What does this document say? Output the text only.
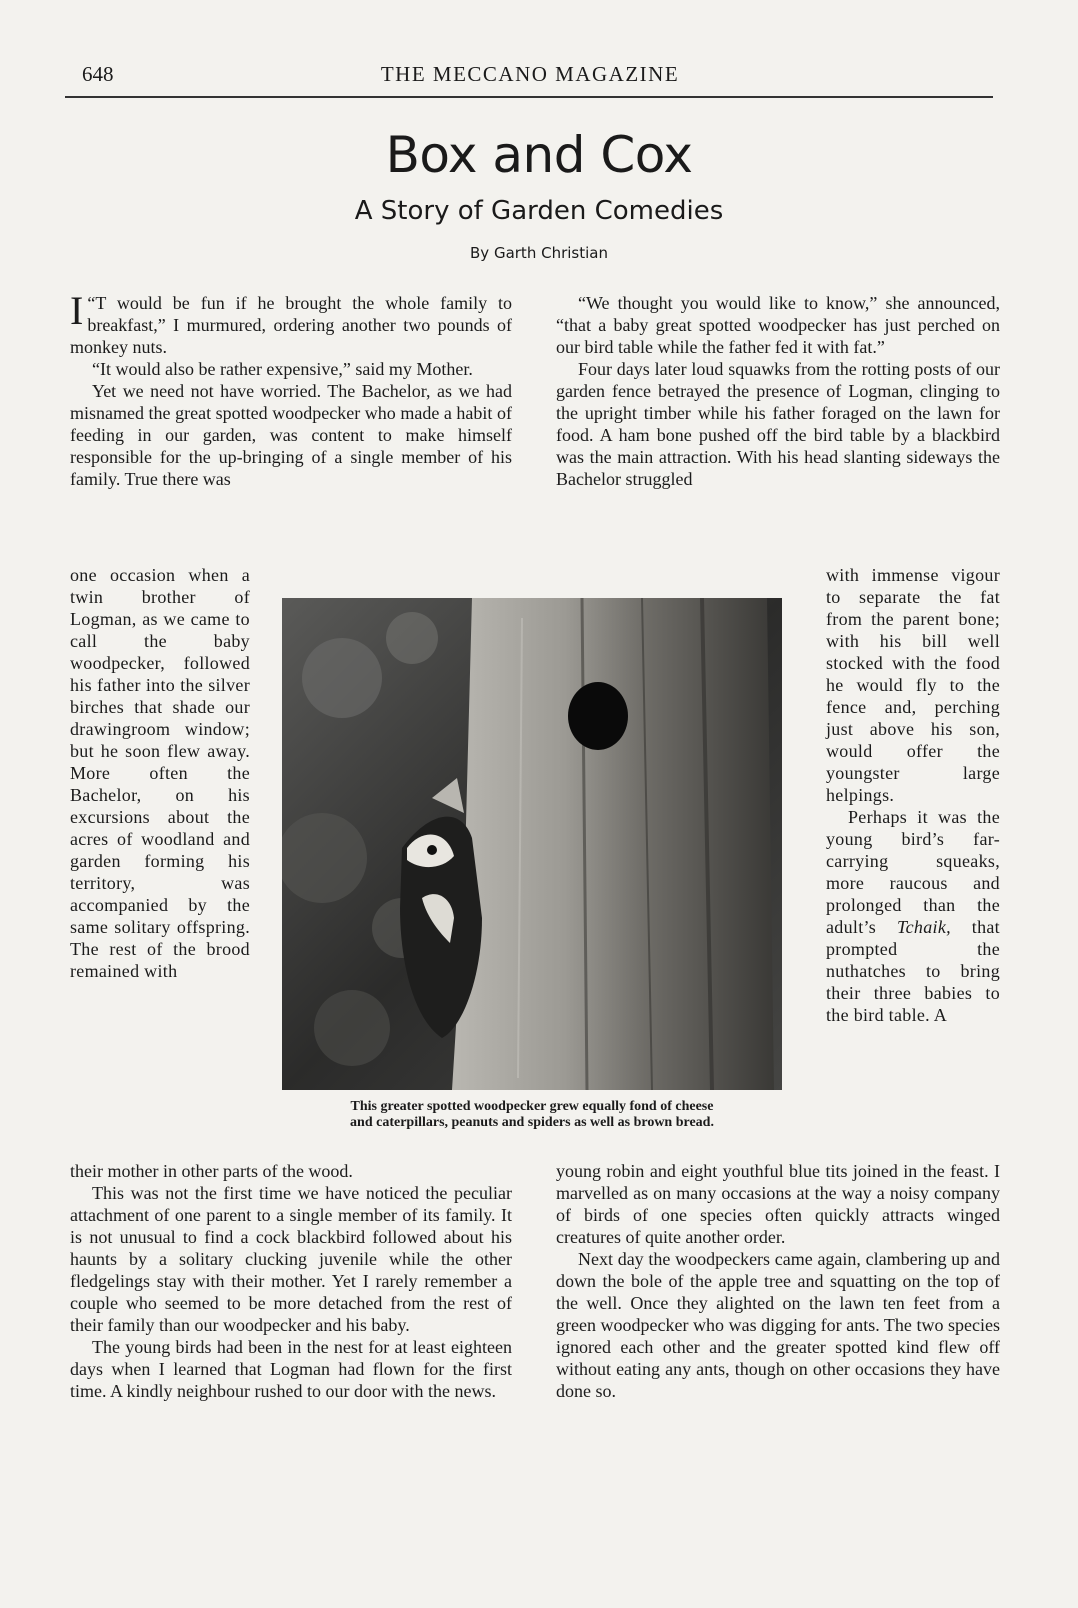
648	THE MECCANO MAGAZINE
Box and Cox
A Story of Garden Comedies
By Garth Christian

“
I T would be fun if he brought the whole family to breakfast,” I murmured, ordering another two pounds of monkey nuts.

“It would also be rather expensive,” said my Mother.

Yet we need not have worried. The Bachelor, as we had misnamed the great spotted woodpecker who made a habit of feeding in our garden, was content to make himself responsible for the up-bringing of a single member of his family. True there was

one occasion when a twin brother of Logman, as we came to call the baby woodpecker, followed his father into the silver birches that shade our drawingroom window; but he soon flew away. More often the Bachelor, on his excursions about the acres of woodland and garden forming his territory, was accompanied by the same solitary offspring. The rest of the brood remained with

their mother in other parts of the wood.

This was not the first time we have noticed the peculiar attachment of one parent to a single member of its family. It is not unusual to find a cock blackbird followed about his haunts by a solitary clucking juvenile while the other fledgelings stay with their mother. Yet I rarely remember a couple who seemed to be more detached from the rest of their family than our woodpecker and his baby.

The young birds had been in the nest for at least eighteen days when I learned that Logman had flown for the first time. A kindly neighbour rushed to our door with the news.

“We thought you would like to know,” she announced, “that a baby great spotted woodpecker has just perched on our bird table while the father fed it with fat.”

Four days later loud squawks from the rotting posts of our garden fence betrayed the presence of Logman, clinging to the upright timber while his father foraged on the lawn for food. A ham bone pushed off the bird table by a blackbird was the main attraction. With his head slanting sideways the Bachelor struggled

with immense vigour to separate the fat from the parent bone; with his bill well stocked with the food he would fly to the fence and, perching just above his son, would offer the youngster large helpings.

Perhaps it was the young bird’s far-carrying squeaks, more raucous and prolonged than the adult’s Tchaik, that prompted the nuthatches to bring their three babies to the bird table. A

young robin and eight youthful blue tits joined in the feast. I marvelled as on many occasions at the way a noisy company of birds of one species often quickly attracts winged creatures of quite another order.

Next day the woodpeckers came again, clambering up and down the bole of the apple tree and squatting on the top of the well. Once they alighted on the lawn ten feet from a green woodpecker who was digging for ants. The two species ignored each other and the greater spotted kind flew off without eating any ants, though on other occasions they have done so.

This greater spotted woodpecker grew equally fond of cheese
and caterpillars, peanuts and spiders as well as brown bread.
